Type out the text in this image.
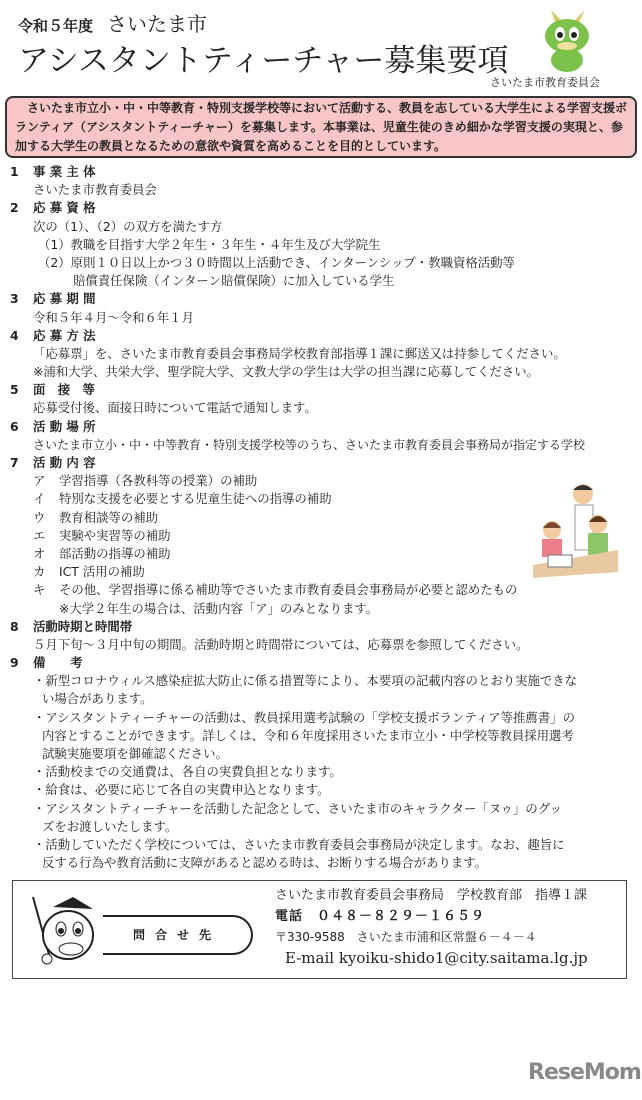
令和５年度 さいたま市
アシスタントティーチャー募集要項
さいたま市教育委員会
　さいたま市立小・中・中等教育・特別支援学校等において活動する、教員を志している大学生による学習支援ボランティア（アシスタントティーチャー）を募集します。本事業は、児童生徒のきめ細かな学習支援の実現と、参加する大学生の教員となるための意欲や資質を高めることを目的としています。
1 事 業 主 体
さいたま市教育委員会
2 応 募 資 格
次の（1）、（2）の双方を満たす方
（1）教職を目指す大学２年生・３年生・４年生及び大学院生
（2）原則１０日以上かつ３０時間以上活動でき、インターンシップ・教職資格活動等
賠償責任保険（インターン賠償保険）に加入している学生
3 応 募 期 間
令和５年４月～令和６年１月
4 応 募 方 法
「応募票」を、さいたま市教育委員会事務局学校教育部指導１課に郵送又は持参してください。
※浦和大学、共栄大学、聖学院大学、文教大学の学生は大学の担当課に応募してください。
5 面　接　等
応募受付後、面接日時について電話で通知します。
6 活 動 場 所
さいたま市立小・中・中等教育・特別支援学校等のうち、さいたま市教育委員会事務局が指定する学校
7 活 動 内 容
ア 学習指導（各教科等の授業）の補助
イ 特別な支援を必要とする児童生徒への指導の補助
ウ 教育相談等の補助
エ 実験や実習等の補助
オ 部活動の指導の補助
カ ICT 活用の補助
キ その他、学習指導に係る補助等でさいたま市教育委員会事務局が必要と認めたもの
※大学２年生の場合は、活動内容「ア」のみとなります。
8 活動時期と時間帯
５月下旬～３月中旬の期間。活動時期と時間帯については、応募票を参照してください。
9 備　　考
・新型コロナウィルス感染症拡大防止に係る措置等により、本要項の記載内容のとおり実施できな
い場合があります。
・アシスタントティーチャーの活動は、教員採用選考試験の「学校支援ボランティア等推薦書」の
内容とすることができます。詳しくは、令和６年度採用さいたま市立小・中学校等教員採用選考
試験実施要項を御確認ください。
・活動校までの交通費は、各自の実費負担となります。
・給食は、必要に応じて各自の実費申込となります。
・アシスタントティーチャーを活動した記念として、さいたま市のキャラクター「ヌゥ」のグッ
ズをお渡しいたします。
・活動していただく学校については、さいたま市教育委員会事務局が決定します。なお、趣旨に
反する行為や教育活動に支障があると認める時は、お断りする場合があります。
問合せ先
さいたま市教育委員会事務局　学校教育部　指導１課
電話　０４８－８２９－１６５９
〒330-9588　さいたま市浦和区常盤６－４－４
E-mail kyoiku-shido1@city.saitama.lg.jp
ReseMom
